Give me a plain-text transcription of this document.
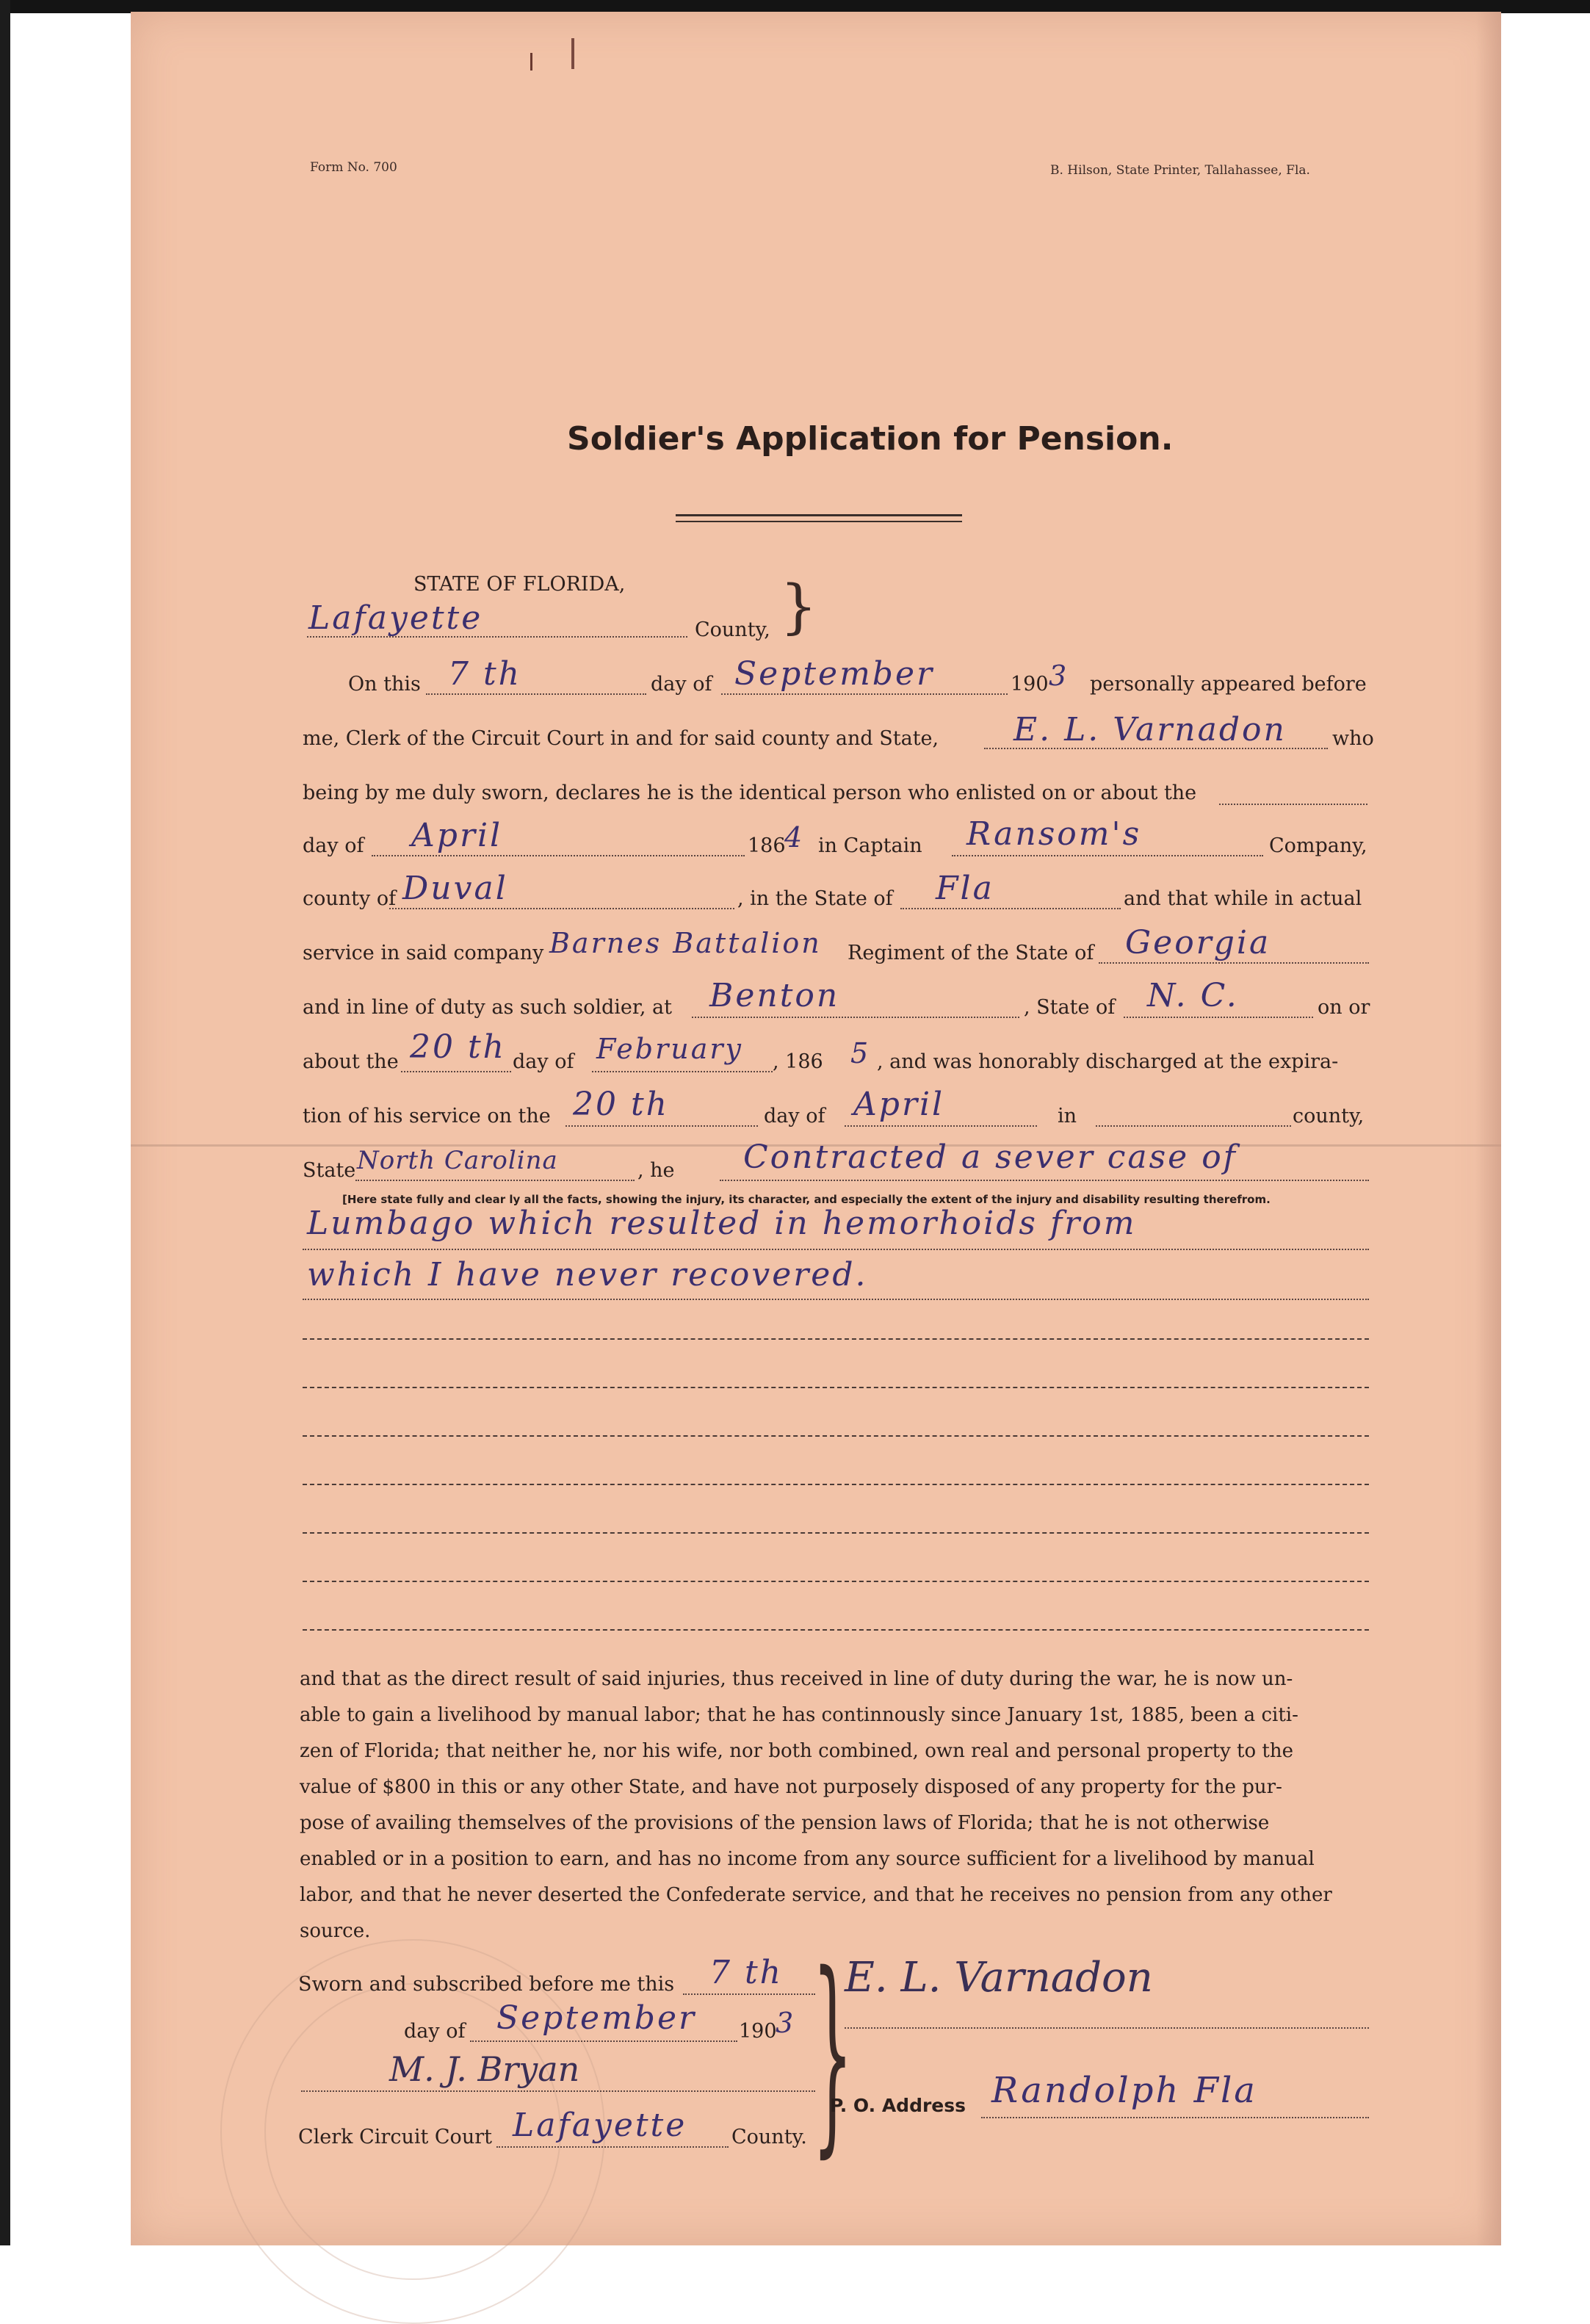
Form No. 700	B. Hilson, State Printer, Tallahassee, Fla.
Soldier's Application for Pension.
STATE OF FLORIDA,
Lafayette	County, }
On this 7 th	day of September	190 3 personally appeared before
me, Clerk of the Circuit Court in and for said county and State, E. L. Varnadon who
being by me duly sworn, declares he is the identical person who enlisted on or about the
day of April	186
4 in Captain Ransom's	Company,
county of Duval	, in the State of Fla	and that while in actual
service in said company Barnes Battalion Regiment of the State of Georgia
and in line of duty as such soldier, at Benton	, State of N. C.	on or
about the 20 th day of February , 186 5 , and was honorably discharged at the expira-
tion of his service on the 20 th	day of April	in	county,
State North Carolina	, he Contracted a sever case of
[Here state fully and clear ly all the facts, showing the injury, its character, and especially the extent of the injury and disability resulting therefrom.
Lumbago which resulted in hemorhoids from
which I have never recovered.
and that as the direct result of said injuries, thus received in line of duty during the war, he is now un-
able to gain a livelihood by manual labor; that he has continnously since January 1st, 1885, been a citi-
zen of Florida; that neither he, nor his wife, nor both combined, own real and personal property to the
value of $800 in this or any other State, and have not purposely disposed of any property for the pur-
pose of availing themselves of the provisions of the pension laws of Florida; that he is not otherwise
enabled or in a position to earn, and has no income from any source sufficient for a livelihood by manual
labor, and that he never deserted the Confederate service, and that he receives no pension from any other
source.
Sworn and subscribed before me this 7 th
day of September 190
3
M. J. Bryan
Clerk Circuit Court Lafayette County. }
E. L. Varnadon
P. O. Address Randolph Fla
